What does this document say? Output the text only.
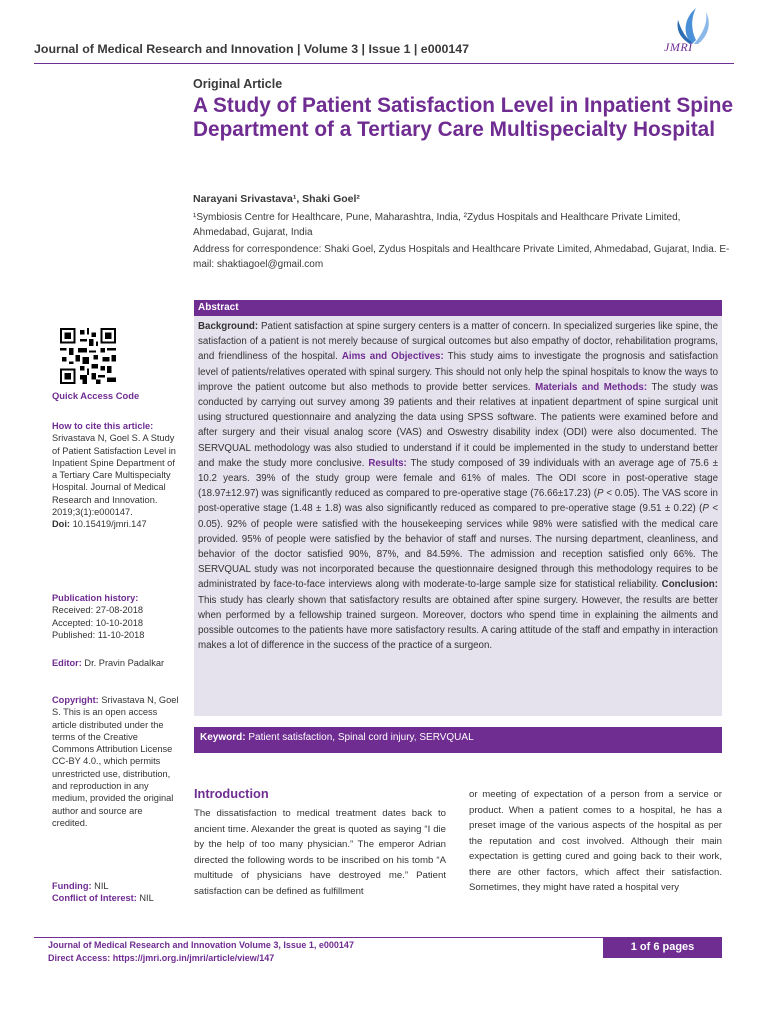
Journal of Medical Research and Innovation | Volume 3 | Issue 1 | e000147	JMRI
Original Article
A Study of Patient Satisfaction Level in Inpatient Spine Department of a Tertiary Care Multispecialty Hospital
Narayani Srivastava¹, Shaki Goel²
¹Symbiosis Centre for Healthcare, Pune, Maharashtra, India, ²Zydus Hospitals and Healthcare Private Limited, Ahmedabad, Gujarat, India
Address for correspondence: Shaki Goel, Zydus Hospitals and Healthcare Private Limited, Ahmedabad, Gujarat, India. E-mail: shaktiagoel@gmail.com
Abstract
Background: Patient satisfaction at spine surgery centers is a matter of concern. In specialized surgeries like spine, the satisfaction of a patient is not merely because of surgical outcomes but also empathy of doctor, rehabilitation programs, and friendliness of the hospital. Aims and Objectives: This study aims to investigate the prognosis and satisfaction level of patients/relatives operated with spinal surgery. This should not only help the spinal hospitals to know the ways to improve the patient outcome but also methods to provide better services. Materials and Methods: The study was conducted by carrying out survey among 39 patients and their relatives at inpatient department of spine surgical unit using structured questionnaire and analyzing the data using SPSS software. The patients were examined before and after surgery and their visual analog score (VAS) and Oswestry disability index (ODI) were also documented. The SERVQUAL methodology was also studied to understand if it could be implemented in the study to understand better and make the study more conclusive. Results: The study composed of 39 individuals with an average age of 75.6 ± 10.2 years. 39% of the study group were female and 61% of males. The ODI score in post-operative stage (18.97±12.97) was significantly reduced as compared to pre-operative stage (76.66±17.23) (P < 0.05). The VAS score in post-operative stage (1.48 ± 1.8) was also significantly reduced as compared to pre-operative stage (9.51 ± 0.22) (P < 0.05). 92% of people were satisfied with the housekeeping services while 98% were satisfied with the medical care provided. 95% of people were satisfied by the behavior of staff and nurses. The nursing department, cleanliness, and behavior of the doctor satisfied 90%, 87%, and 84.59%. The admission and reception satisfied only 66%. The SERVQUAL study was not incorporated because the questionnaire designed through this methodology requires to be administrated by face-to-face interviews along with moderate-to-large sample size for statistical reliability. Conclusion: This study has clearly shown that satisfactory results are obtained after spine surgery. However, the results are better when performed by a fellowship trained surgeon. Moreover, doctors who spend time in explaining the ailments and possible outcomes to the patients have more satisfactory results. A caring attitude of the staff and empathy in interaction makes a lot of difference in the success of the practice of a surgeon.
Keyword: Patient satisfaction, Spinal cord injury, SERVQUAL
Quick Access Code
How to cite this article:
Srivastava N, Goel S. A Study of Patient Satisfaction Level in Inpatient Spine Department of a Tertiary Care Multispecialty Hospital. Journal of Medical Research and Innovation. 2019;3(1):e000147.
Doi: 10.15419/jmri.147
Publication history:
Received: 27-08-2018
Accepted: 10-10-2018
Published: 11-10-2018
Editor: Dr. Pravin Padalkar
Copyright: Srivastava N, Goel S. This is an open access article distributed under the terms of the Creative Commons Attribution License CC-BY 4.0., which permits unrestricted use, distribution, and reproduction in any medium, provided the original author and source are credited.
Funding: NIL
Conflict of Interest: NIL
Introduction
The dissatisfaction to medical treatment dates back to ancient time. Alexander the great is quoted as saying “I die by the help of too many physician.” The emperor Adrian directed the following words to be inscribed on his tomb “A multitude of physicians have destroyed me.” Patient satisfaction can be defined as fulfillment
or meeting of expectation of a person from a service or product. When a patient comes to a hospital, he has a preset image of the various aspects of the hospital as per the reputation and cost involved. Although their main expectation is getting cured and going back to their work, there are other factors, which affect their satisfaction. Sometimes, they might have rated a hospital very
Journal of Medical Research and Innovation Volume 3, Issue 1, e000147
Direct Access: https://jmri.org.in/jmri/article/view/147
1 of 6 pages
